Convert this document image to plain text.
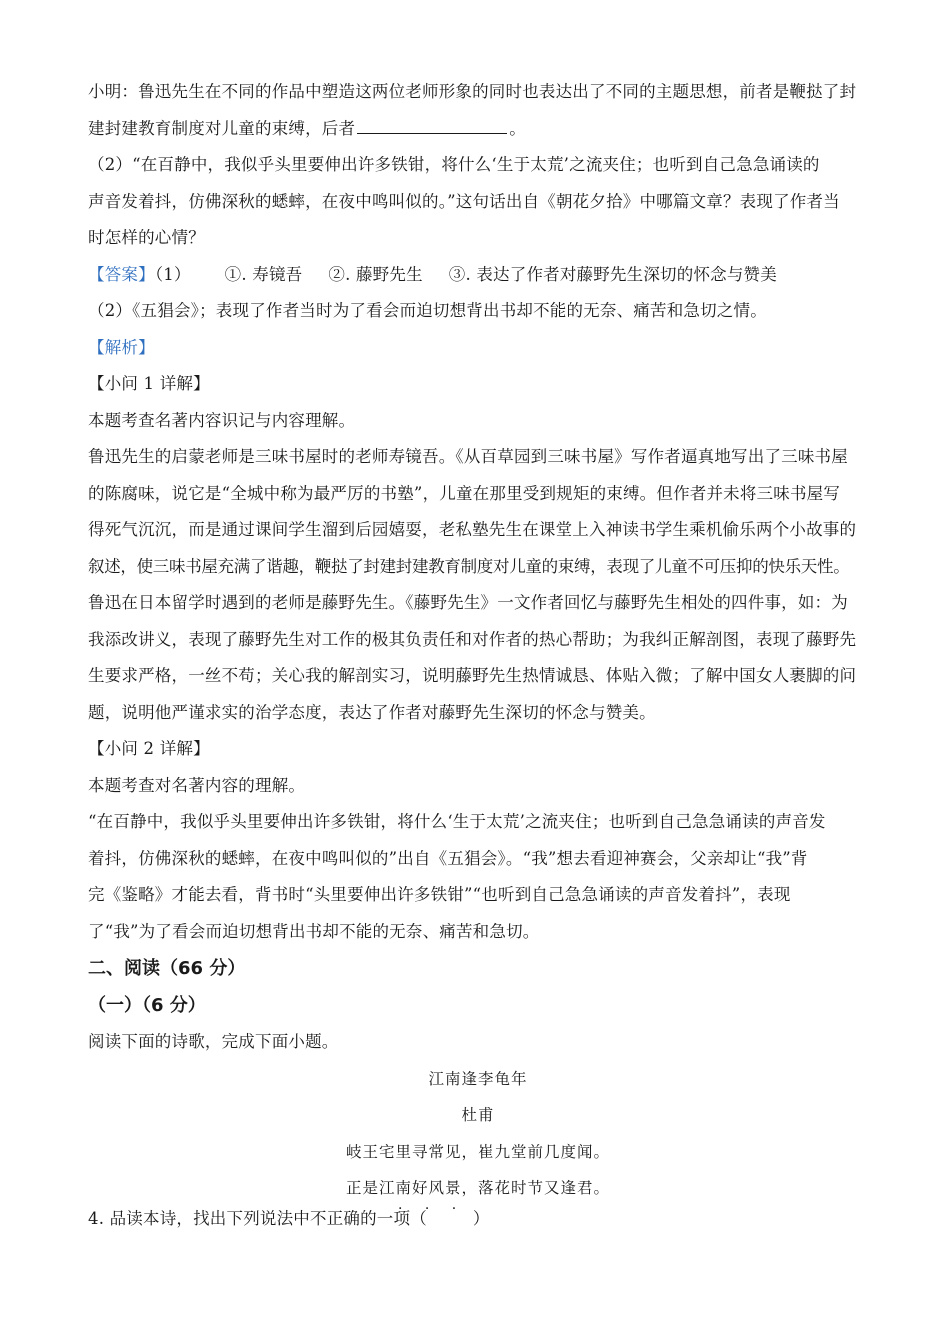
小明：鲁迅先生在不同的作品中塑造这两位老师形象的同时也表达出了不同的主题思想，前者是鞭挞了封

建封建教育制度对儿童的束缚，后者	。

（2）“在百静中，我似乎头里要伸出许多铁钳，将什么‘生于太荒’之流夹住；也听到自己急急诵读的

声音发着抖，仿佛深秋的蟋蟀，在夜中鸣叫似的。”这句话出自《朝花夕拾》中哪篇文章？表现了作者当

时怎样的心情？

【答案】（1） ①. 寿镜吾 ②. 藤野先生 ③. 表达了作者对藤野先生深切的怀念与赞美

（2）《五猖会》；表现了作者当时为了看会而迫切想背出书却不能的无奈、痛苦和急切之情。

【解析】

【小问 1 详解】

本题考查名著内容识记与内容理解。

鲁迅先生的启蒙老师是三味书屋时的老师寿镜吾。《从百草园到三味书屋》写作者逼真地写出了三味书屋

的陈腐味，说它是“全城中称为最严厉的书塾”，儿童在那里受到规矩的束缚。但作者并未将三味书屋写

得死气沉沉，而是通过课间学生溜到后园嬉耍，老私塾先生在课堂上入神读书学生乘机偷乐两个小故事的

叙述，使三味书屋充满了谐趣，鞭挞了封建封建教育制度对儿童的束缚，表现了儿童不可压抑的快乐天性。

鲁迅在日本留学时遇到的老师是藤野先生。《藤野先生》一文作者回忆与藤野先生相处的四件事，如：为

我添改讲义，表现了藤野先生对工作的极其负责任和对作者的热心帮助；为我纠正解剖图，表现了藤野先

生要求严格，一丝不苟；关心我的解剖实习，说明藤野先生热情诚恳、体贴入微；了解中国女人裹脚的问

题，说明他严谨求实的治学态度，表达了作者对藤野先生深切的怀念与赞美。

【小问 2 详解】

本题考查对名著内容的理解。

“在百静中，我似乎头里要伸出许多铁钳，将什么‘生于太荒’之流夹住；也听到自己急急诵读的声音发

着抖，仿佛深秋的蟋蟀，在夜中鸣叫似的”出自《五猖会》。“我”想去看迎神赛会，父亲却让“我”背

完《鉴略》才能去看，背书时“头里要伸出许多铁钳”“也听到自己急急诵读的声音发着抖”，表现

了“我”为了看会而迫切想背出书却不能的无奈、痛苦和急切。

二、阅读（66 分）

（一）（6 分）

阅读下面的诗歌，完成下面小题。

江南逢李龟年

杜甫

岐王宅里寻常见，崔九堂前几度闻。

正是江南好风景，落花时节又逢君。

· · ·
4. 品读本诗，找出下列说法中不正确的一项（	）
